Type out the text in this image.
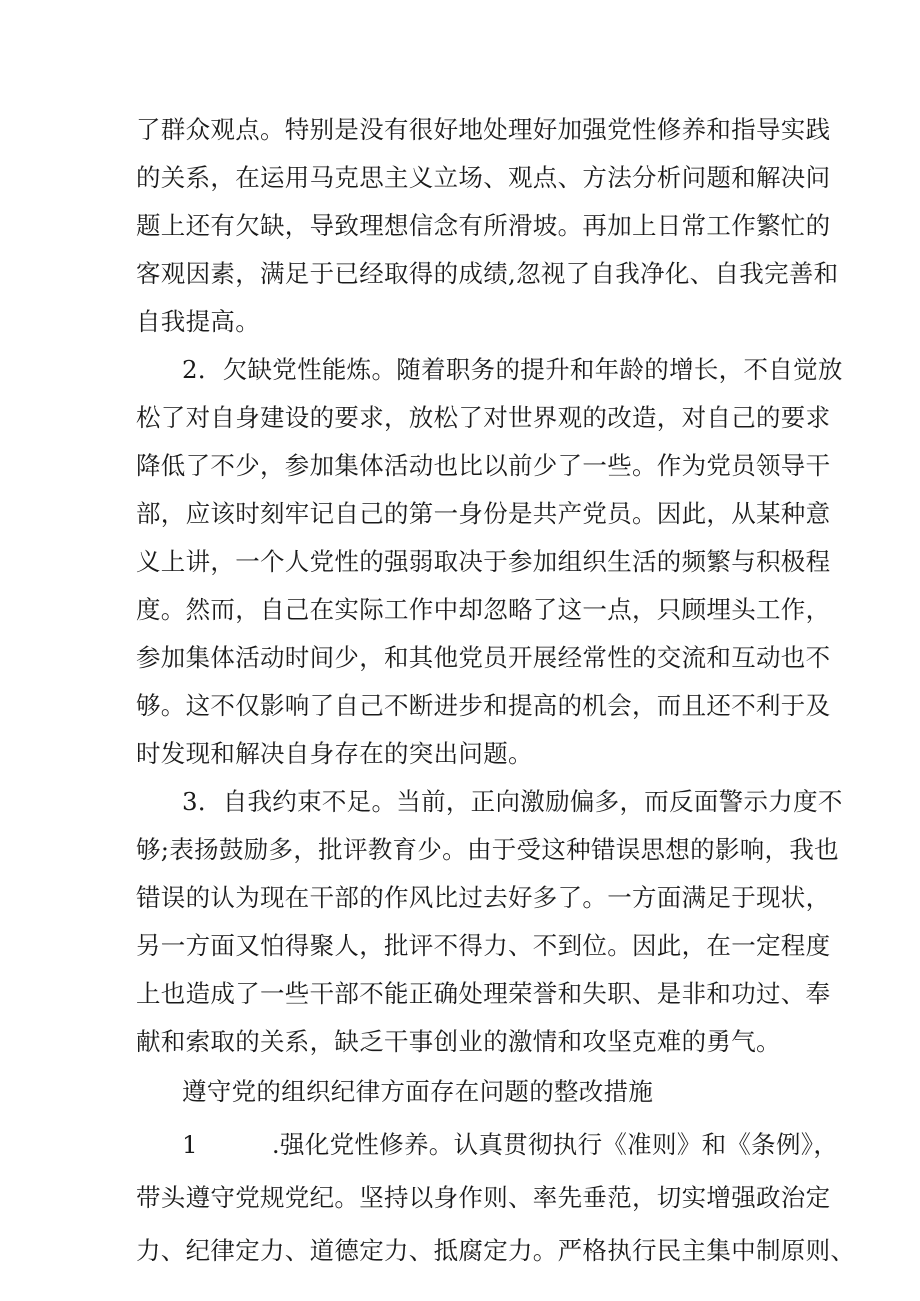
了群众观点。特别是没有很好地处理好加强党性修养和指导实践
的关系，在运用马克思主义立场、观点、方法分析问题和解决问
题上还有欠缺，导致理想信念有所滑坡。再加上日常工作繁忙的
客观因素，满足于已经取得的成绩,忽视了自我净化、自我完善和
自我提高。
2．欠缺党性能炼。随着职务的提升和年龄的增长，不自觉放
松了对自身建设的要求，放松了对世界观的改造，对自己的要求
降低了不少，参加集体活动也比以前少了一些。作为党员领导干
部，应该时刻牢记自己的第一身份是共产党员。因此，从某种意
义上讲，一个人党性的强弱取决于参加组织生活的频繁与积极程
度。然而，自己在实际工作中却忽略了这一点，只顾埋头工作，
参加集体活动时间少，和其他党员开展经常性的交流和互动也不
够。这不仅影响了自己不断进步和提高的机会，而且还不利于及
时发现和解决自身存在的突出问题。
3．自我约束不足。当前，正向激励偏多，而反面警示力度不
够;表扬鼓励多，批评教育少。由于受这种错误思想的影响，我也
错误的认为现在干部的作风比过去好多了。一方面满足于现状，
另一方面又怕得聚人，批评不得力、不到位。因此，在一定程度
上也造成了一些干部不能正确处理荣誉和失职、是非和功过、奉
献和索取的关系，缺乏干事创业的激情和攻坚克难的勇气。
遵守党的组织纪律方面存在问题的整改措施
1	.强化党性修养。认真贯彻执行《准则》和《条例》，
带头遵守党规党纪。坚持以身作则、率先垂范，切实增强政治定
力、纪律定力、道德定力、抵腐定力。严格执行民主集中制原则、
